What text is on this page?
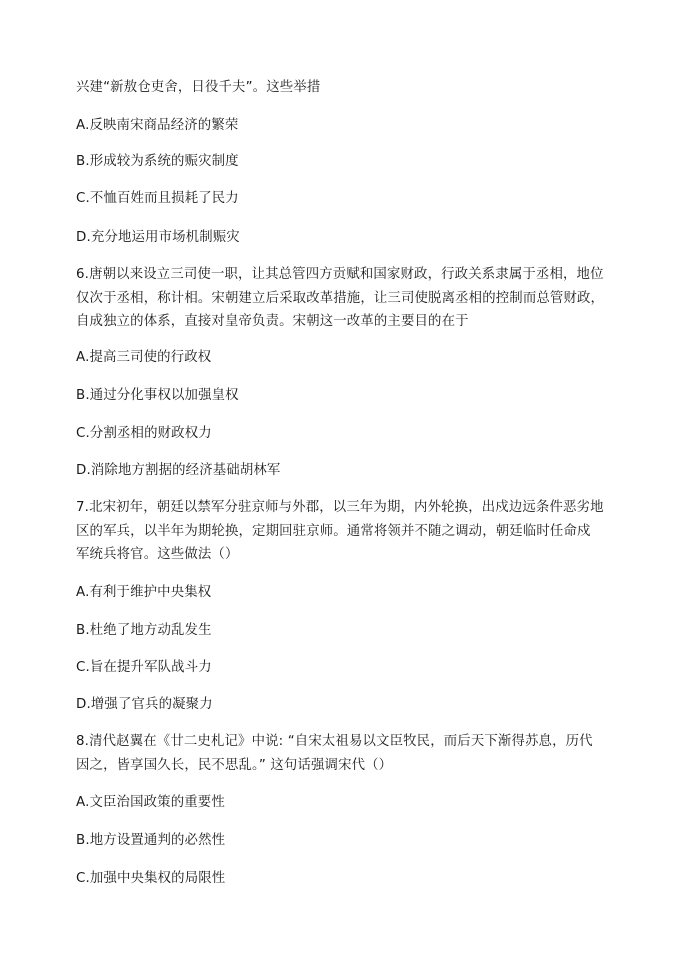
兴建“新敖仓吏舍，日役千夫”。这些举措
A.反映南宋商品经济的繁荣
B.形成较为系统的赈灾制度
C.不恤百姓而且损耗了民力
D.充分地运用市场机制赈灾
6.唐朝以来设立三司使一职，让其总管四方贡赋和国家财政，行政关系隶属于丞相，地位
仅次于丞相，称计相。宋朝建立后采取改革措施，让三司使脱离丞相的控制而总管财政，
自成独立的体系，直接对皇帝负责。宋朝这一改革的主要目的在于
A.提高三司使的行政权
B.通过分化事权以加强皇权
C.分割丞相的财政权力
D.消除地方割据的经济基础胡林军
7.北宋初年，朝廷以禁军分驻京师与外郡，以三年为期，内外轮换，出戍边远条件恶劣地
区的军兵，以半年为期轮换，定期回驻京师。通常将领并不随之调动，朝廷临时任命戍
军统兵将官。这些做法（）
A.有利于维护中央集权
B.杜绝了地方动乱发生
C.旨在提升军队战斗力
D.增强了官兵的凝聚力
8.清代赵翼在《廿二史札记》中说: “自宋太祖易以文臣牧民，而后天下渐得苏息，历代
因之，皆享国久长，民不思乱。” 这句话强调宋代（）
A.文臣治国政策的重要性
B.地方设置通判的必然性
C.加强中央集权的局限性
